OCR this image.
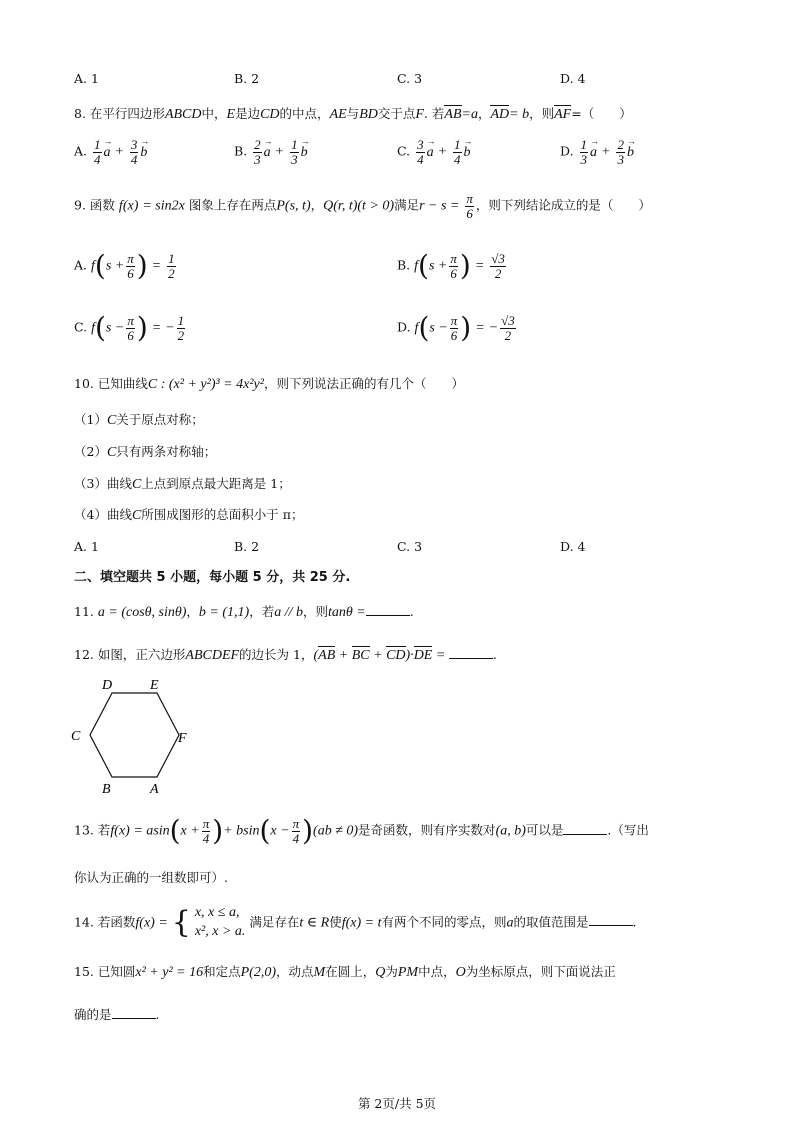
A. 1	B. 2	C. 3	D. 4
8. 在平行四边形ABCD中，E是边CD的中点，AE与BD交于点F. 若AB=a，AD= b，则AF=（　　）
A. $\frac{1}{4}$
→ $a + \frac{3}{4}$
→ b	B. $\frac{2}{3}$
→ $a + \frac{1}{3}$
→ b	C. $\frac{3}{4}$
→ $a + \frac{1}{4}$
→ b	D. $\frac{1}{3}$
→ $a + \frac{2}{3}$
→ b
9. 函数 f(x) = sin2x 图象上存在两点P(s, t)，Q(r, t)(t > 0)满足$r - s = \frac{\pi}{6}$ ，则下列结论成立的是（　　）
A. $f(s + \frac{\pi}{6}$ ) = $\frac{1}{2}$	B. $f(s + \frac{\pi}{6}$ ) = $\frac{√3}{2}$
C. $f(s - \frac{\pi}{6}$ ) = − $\frac{1}{2}$	D. $f(s - \frac{\pi}{6}$ ) = − $\frac{√3}{2}$
10. 已知曲线C : (x² + y²)³ = 4x²y²，则下列说法正确的有几个（　　）
（1）C关于原点对称；
（2）C只有两条对称轴；
（3）曲线C上点到原点最大距离是 1；
（4）曲线C所围成图形的总面积小于 π；
A. 1	B. 2	C. 3	D. 4
二、填空题共 5 小题，每小题 5 分，共 25 分.
11. a = (cosθ, sinθ)，b = (1,1)，若a // b，则tanθ =	.
12. 如图，正六边形ABCDEF的边长为 1，(AB + BC + CD)·DE =	.
D	E
C	F
B	A
13. 若$f(x) = asin(x + \frac{\pi}{4}$ )+ $bsin(x - \frac{\pi}{4} )(ab \ne 0)$是奇函数，则有序实数对(a, b)可以是	.（写出
你认为正确的一组数即可）.
14. 若函数f(x) = { x, x ≤ a,
x², x > a.
满足存在t ∈ R使f(x) = t有两个不同的零点，则a的取值范围是	.
15. 已知圆x² + y² = 16和定点P(2,0)，动点M在圆上，Q为PM中点，O为坐标原点，则下面说法正
确的是	.
第 2页/共 5页
